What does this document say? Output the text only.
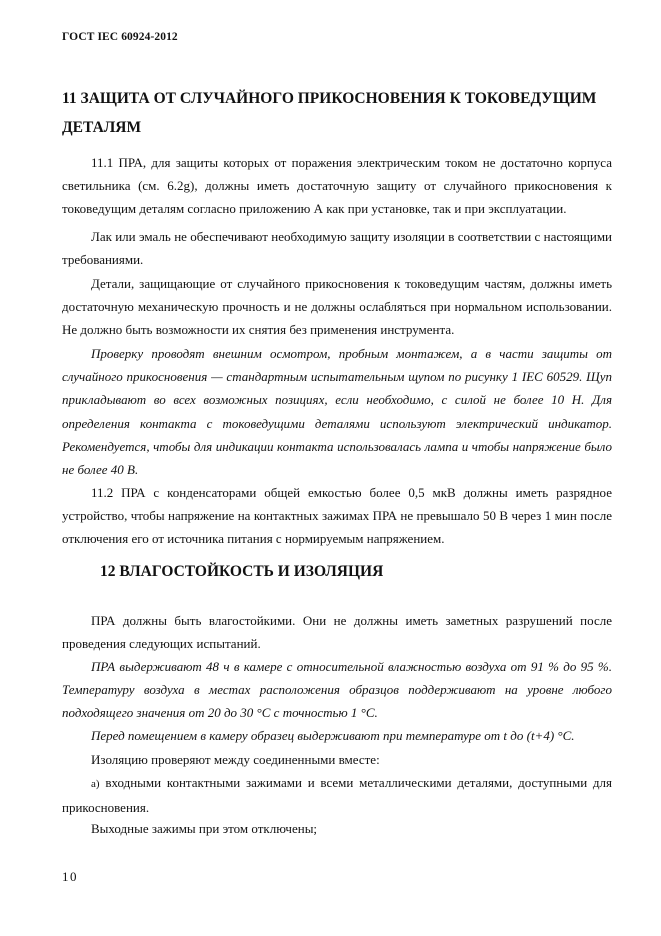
ГОСТ IEC 60924-2012
11 ЗАЩИТА ОТ СЛУЧАЙНОГО ПРИКОСНОВЕНИЯ К ТОКОВЕДУЩИМ ДЕТАЛЯМ

11.1 ПРА, для защиты которых от поражения электрическим током не достаточно корпуса светильника (см. 6.2g), должны иметь достаточную защиту от случайного прикосновения к токоведущим деталям согласно приложению А как при установке, так и при эксплуатации.

Лак или эмаль не обеспечивают необходимую защиту изоляции в соответствии с настоящими требованиями.

Детали, защищающие от случайного прикосновения к токоведущим частям, должны иметь достаточную механическую прочность и не должны ослабляться при нормальном использовании. Не должно быть возможности их снятия без применения инструмента.

Проверку проводят внешним осмотром, пробным монтажем, а в части защиты от случайного прикосновения — стандартным испытательным щупом по рисунку 1 IEC 60529. Щуп прикладывают во всех возможных позициях, если необходимо, с силой не более 10 Н. Для определения контакта с токоведущими деталями используют электрический индикатор. Рекомендуется, чтобы для индикации контакта использовалась лампа и чтобы напряжение было не более 40 В.

11.2 ПРА с конденсаторами общей емкостью более 0,5 мкВ должны иметь разрядное устройство, чтобы напряжение на контактных зажимах ПРА не превышало 50 В через 1 мин после отключения его от источника питания с нормируемым напряжением.

12 ВЛАГОСТОЙКОСТЬ И ИЗОЛЯЦИЯ

ПРА должны быть влагостойкими. Они не должны иметь заметных разрушений после проведения следующих испытаний.

ПРА выдерживают 48 ч в камере с относительной влажностью воздуха от 91 % до 95 %. Температуру воздуха в местах расположения образцов поддерживают на уровне любого подходящего значения от 20 до 30 °С с точностью 1 °С.

Перед помещением в камеру образец выдерживают при температуре от t до (t+4) °С.

Изоляцию проверяют между соединенными вместе:

а) входными контактными зажимами и всеми металлическими деталями, доступными для прикосновения.

Выходные зажимы при этом отключены;

10
